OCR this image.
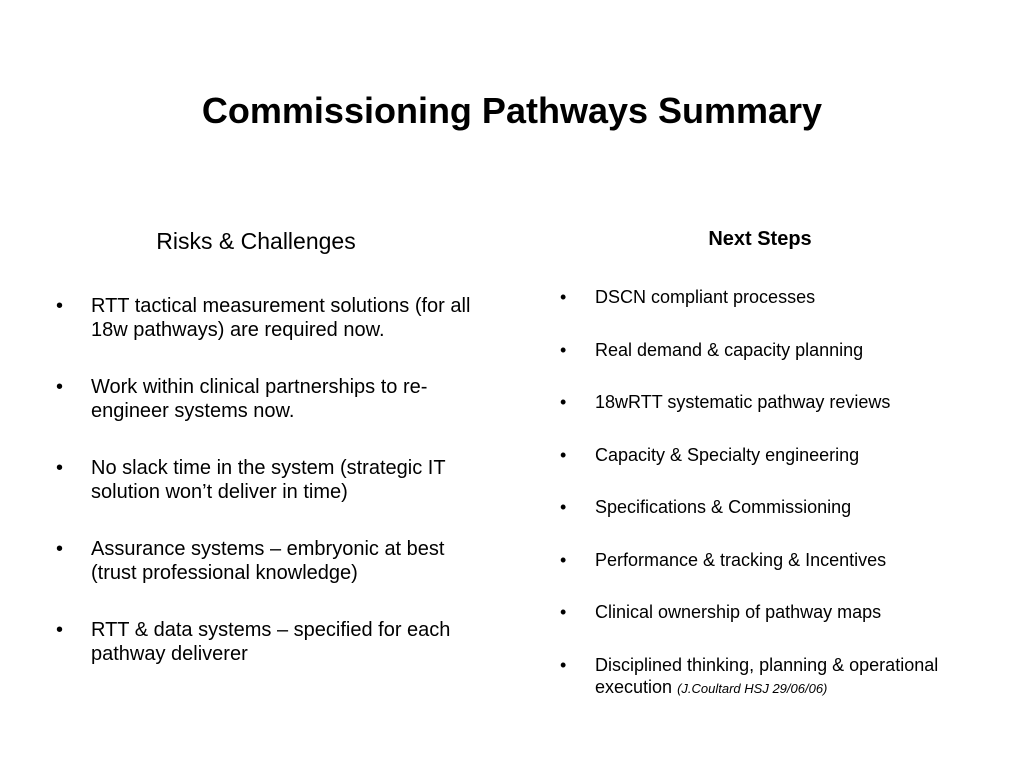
Commissioning Pathways Summary
Risks & Challenges
• RTT tactical measurement solutions (for all 18w pathways) are required now.
• Work within clinical partnerships to re-engineer systems now.
• No slack time in the system (strategic IT solution won’t deliver in time)
• Assurance systems – embryonic at best (trust professional knowledge)
• RTT & data systems – specified for each pathway deliverer
Next Steps
• DSCN compliant processes
• Real demand & capacity planning
• 18wRTT systematic pathway reviews
• Capacity & Specialty engineering
• Specifications & Commissioning
• Performance & tracking & Incentives
• Clinical ownership of pathway maps
• Disciplined thinking, planning & operational execution (J.Coultard HSJ 29/06/06)
